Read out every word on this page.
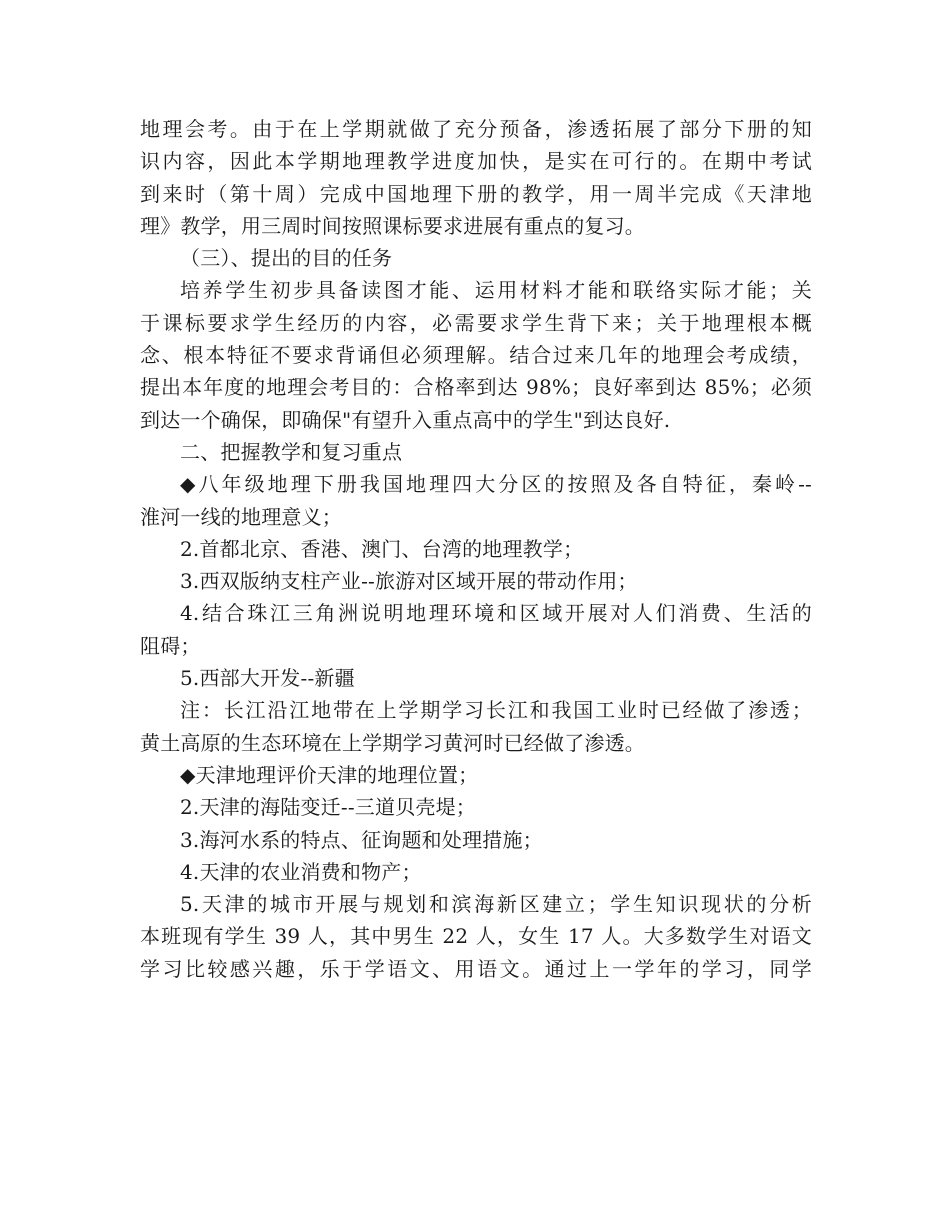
地理会考。由于在上学期就做了充分预备，渗透拓展了部分下册的知
识内容，因此本学期地理教学进度加快，是实在可行的。在期中考试
到来时（第十周）完成中国地理下册的教学，用一周半完成《天津地
理》教学，用三周时间按照课标要求进展有重点的复习。
（三）、提出的目的任务
培养学生初步具备读图才能、运用材料才能和联络实际才能；关
于课标要求学生经历的内容，必需要求学生背下来；关于地理根本概
念、根本特征不要求背诵但必须理解。结合过来几年的地理会考成绩，
提出本年度的地理会考目的：合格率到达 98%；良好率到达 85%；必须
到达一个确保，即确保"有望升入重点高中的学生"到达良好.
二、把握教学和复习重点
◆八年级地理下册我国地理四大分区的按照及各自特征，秦岭--
淮河一线的地理意义；
2.首都北京、香港、澳门、台湾的地理教学；
3.西双版纳支柱产业--旅游对区域开展的带动作用；
4.结合珠江三角洲说明地理环境和区域开展对人们消费、生活的
阻碍；
5.西部大开发--新疆
注：长江沿江地带在上学期学习长江和我国工业时已经做了渗透；
黄土高原的生态环境在上学期学习黄河时已经做了渗透。
◆天津地理评价天津的地理位置；
2.天津的海陆变迁--三道贝壳堤；
3.海河水系的特点、征询题和处理措施；
4.天津的农业消费和物产；
5.天津的城市开展与规划和滨海新区建立；学生知识现状的分析
本班现有学生 39 人，其中男生 22 人，女生 17 人。大多数学生对语文
学习比较感兴趣，乐于学语文、用语文。通过上一学年的学习，同学
